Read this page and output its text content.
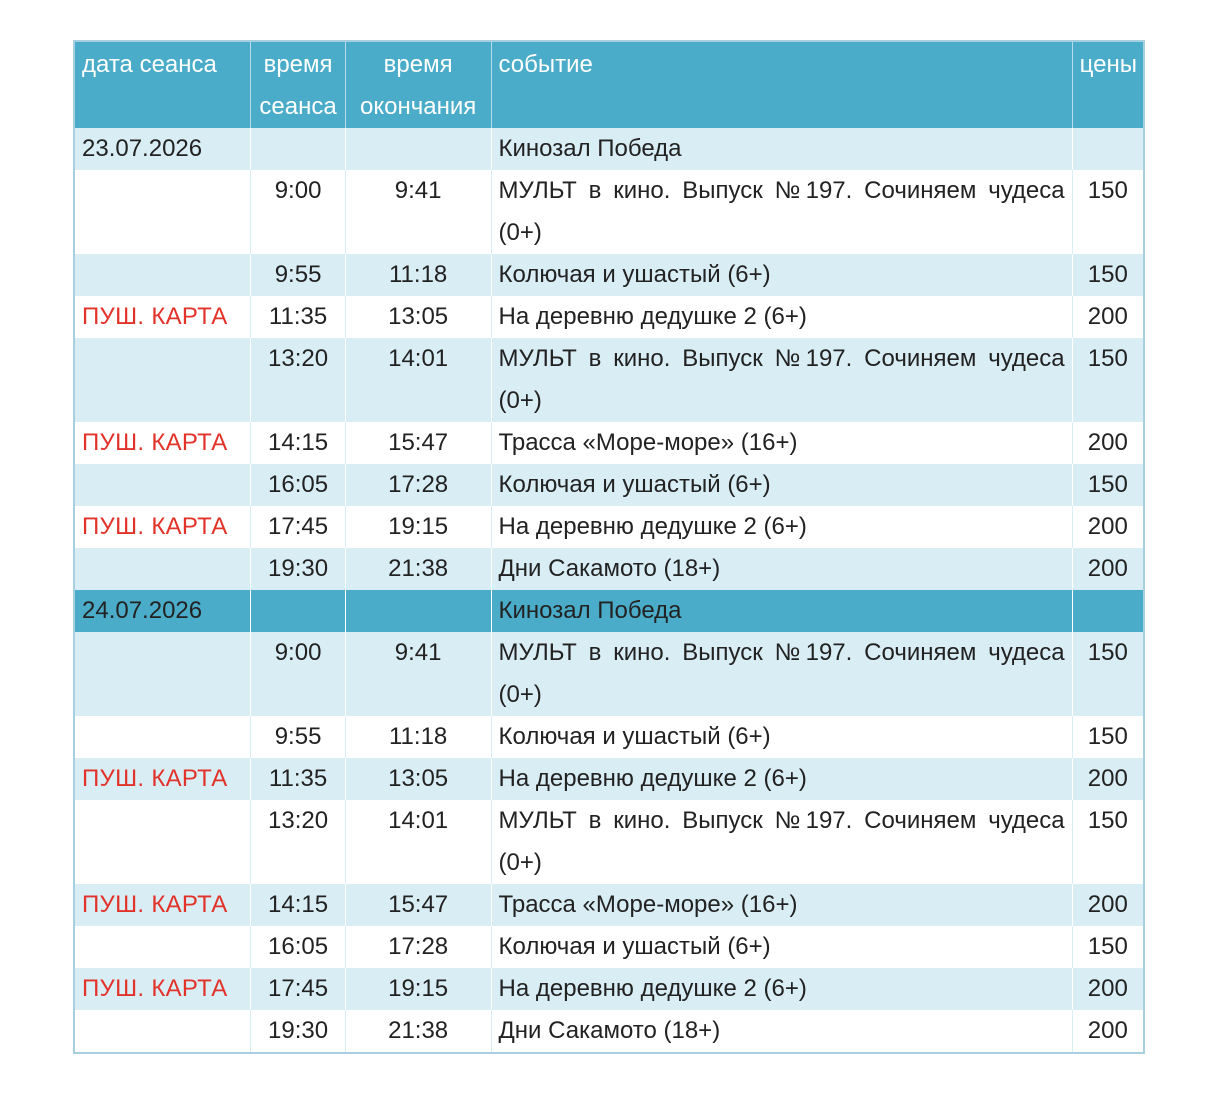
дата сеанса	время сеанса	время окончания	событие	цены
23.07.2026			Кинозал Победа	
	9:00	9:41	МУЛЬТ в кино. Выпуск №197. Сочиняем чудеса (0+)	150
	9:55	11:18	Колючая и ушастый (6+)	150
ПУШ. КАРТА	11:35	13:05	На деревню дедушке 2 (6+)	200
	13:20	14:01	МУЛЬТ в кино. Выпуск №197. Сочиняем чудеса (0+)	150
ПУШ. КАРТА	14:15	15:47	Трасса «Море-море» (16+)	200
	16:05	17:28	Колючая и ушастый (6+)	150
ПУШ. КАРТА	17:45	19:15	На деревню дедушке 2 (6+)	200
	19:30	21:38	Дни Сакамото (18+)	200
24.07.2026			Кинозал Победа	
	9:00	9:41	МУЛЬТ в кино. Выпуск №197. Сочиняем чудеса (0+)	150
	9:55	11:18	Колючая и ушастый (6+)	150
ПУШ. КАРТА	11:35	13:05	На деревню дедушке 2 (6+)	200
	13:20	14:01	МУЛЬТ в кино. Выпуск №197. Сочиняем чудеса (0+)	150
ПУШ. КАРТА	14:15	15:47	Трасса «Море-море» (16+)	200
	16:05	17:28	Колючая и ушастый (6+)	150
ПУШ. КАРТА	17:45	19:15	На деревню дедушке 2 (6+)	200
	19:30	21:38	Дни Сакамото (18+)	200
